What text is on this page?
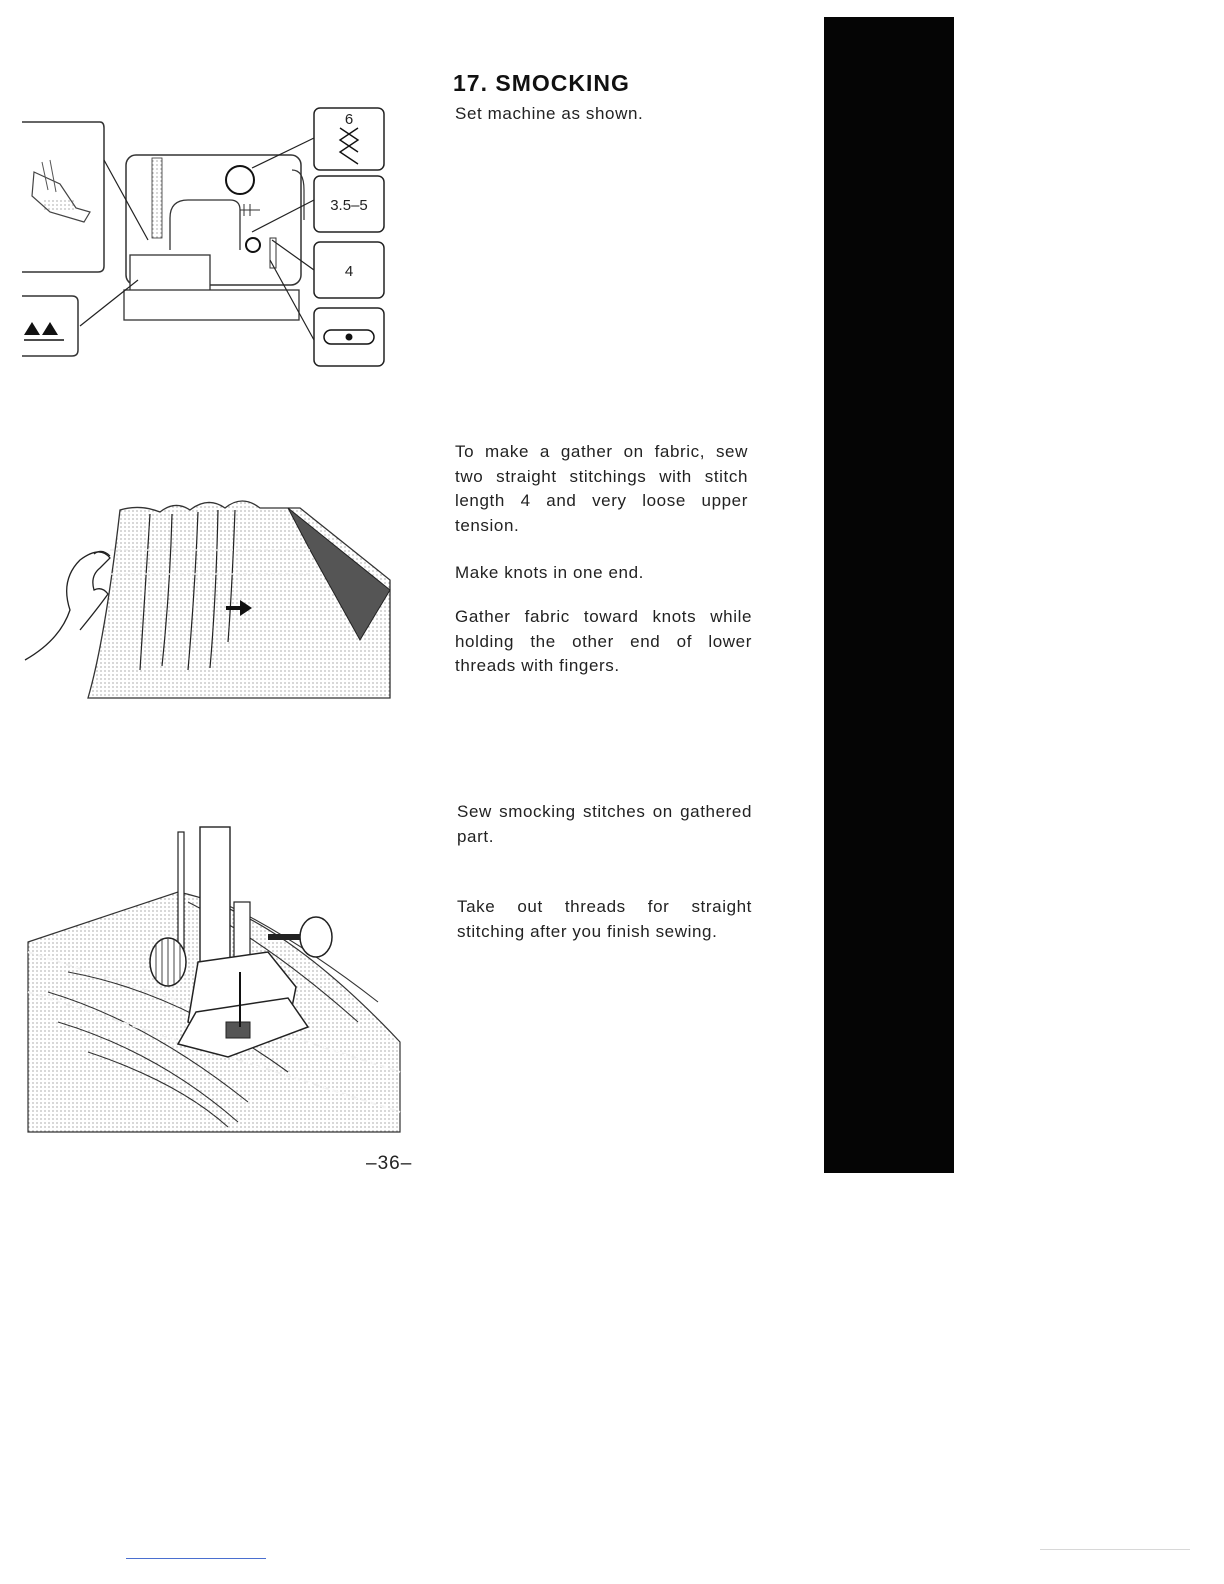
17. SMOCKING
Set machine as shown.
6
3.5–5
4
To make a gather on fabric, sew two straight stitchings with stitch length 4 and very loose upper tension.
Make knots in one end.
Gather fabric toward knots while holding the other end of lower threads with fingers.
Sew smocking stitches on gathered part.
Take out threads for straight stitching after you finish sewing.
–36–
